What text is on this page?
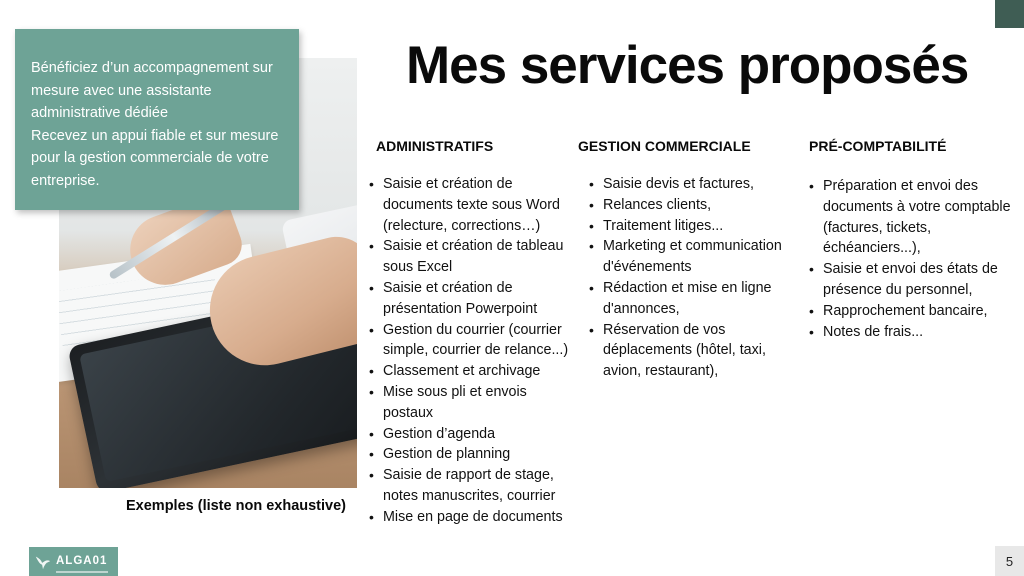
Bénéficiez d’un accompagnement sur mesure avec une assistante administrative dédiée

Recevez un appui fiable et sur mesure pour la gestion commerciale de votre entreprise.

Mes services proposés
ADMINISTRATIFS	GESTION COMMERCIALE	PRÉ-COMPTABILITÉ
• Saisie et création de documents texte sous Word (relecture, corrections…)
• Saisie et création de tableau sous Excel
• Saisie et création de présentation Powerpoint
• Gestion du courrier (courrier simple, courrier de relance...)
• Classement et archivage
• Mise sous pli et envois postaux
• Gestion d’agenda
• Gestion de planning
• Saisie de rapport de stage, notes manuscrites, courrier
• Mise en page de documents
• Saisie devis et factures,
• Relances clients,
• Traitement litiges...
• Marketing et communication d'événements
• Rédaction et mise en ligne d'annonces,
• Réservation de vos déplacements (hôtel, taxi, avion, restaurant),
• Préparation et envoi des documents à votre comptable (factures, tickets, échéanciers...),
• Saisie et envoi des états de présence du personnel,
• Rapprochement bancaire,
• Notes de frais...
Exemples (liste non exhaustive)
ALGA01	5
